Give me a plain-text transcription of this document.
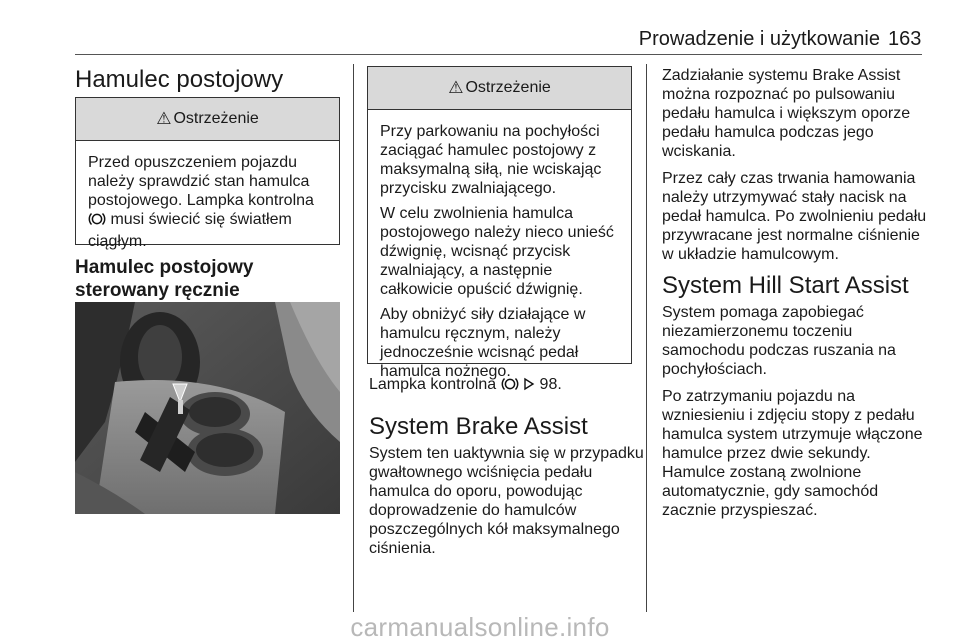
Prowadzenie i użytkowanie 163
Hamulec postojowy
⚠ Ostrzeżenie
Przed opuszczeniem pojazdu należy sprawdzić stan hamulca postojowego. Lampka kontrolna  musi świecić się światłem ciągłym.
Hamulec postojowy sterowany ręcznie
⚠ Ostrzeżenie

Przy parkowaniu na pochyłości zaciągać hamulec postojowy z maksymalną siłą, nie wciskając przycisku zwalniającego.

W celu zwolnienia hamulca postojowego należy nieco unieść dźwignię, wcisnąć przycisk zwalniający, a następnie całkowicie opuścić dźwignię.

Aby obniżyć siły działające w hamulcu ręcznym, należy jednocześnie wcisnąć pedał hamulca nożnego.

Lampka kontrolna	98.
System Brake Assist
System ten uaktywnia się w przypadku gwałtownego wciśnięcia pedału hamulca do oporu, powodując doprowadzenie do hamulców poszczególnych kół maksymalnego ciśnienia.

Zadziałanie systemu Brake Assist można rozpoznać po pulsowaniu pedału hamulca i większym oporze pedału hamulca podczas jego wciskania.

Przez cały czas trwania hamowania należy utrzymywać stały nacisk na pedał hamulca. Po zwolnieniu pedału przywracane jest normalne ciśnienie w układzie hamulcowym.

System Hill Start Assist

System pomaga zapobiegać niezamierzonemu toczeniu samochodu podczas ruszania na pochyłościach.

Po zatrzymaniu pojazdu na wzniesieniu i zdjęciu stopy z pedału hamulca system utrzymuje włączone hamulce przez dwie sekundy. Hamulce zostaną zwolnione automatycznie, gdy samochód zacznie przyspieszać.

carmanualsonline.info
